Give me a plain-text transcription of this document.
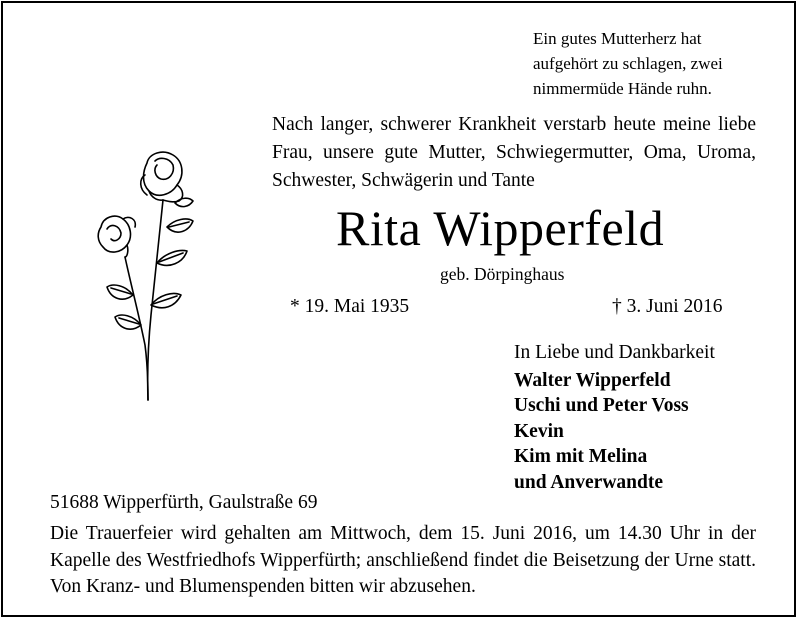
Ein gutes Mutterherz hat
aufgehört zu schlagen, zwei
nimmermüde Hände ruhn.
Nach langer, schwerer Krankheit verstarb heute meine liebe Frau, unsere gute Mutter, Schwiegermutter, Oma, Uroma, Schwester, Schwägerin und Tante
Rita Wipperfeld
geb. Dörpinghaus
* 19. Mai 1935	† 3. Juni 2016
In Liebe und Dankbarkeit
Walter Wipperfeld
Uschi und Peter Voss
Kevin
Kim mit Melina
und Anverwandte
51688 Wipperfürth, Gaulstraße 69
Die Trauerfeier wird gehalten am Mittwoch, dem 15. Juni 2016, um 14.30 Uhr in der Kapelle des Westfriedhofs Wipperfürth; anschließend findet die Beisetzung der Urne statt. Von Kranz- und Blumenspenden bitten wir abzusehen.
